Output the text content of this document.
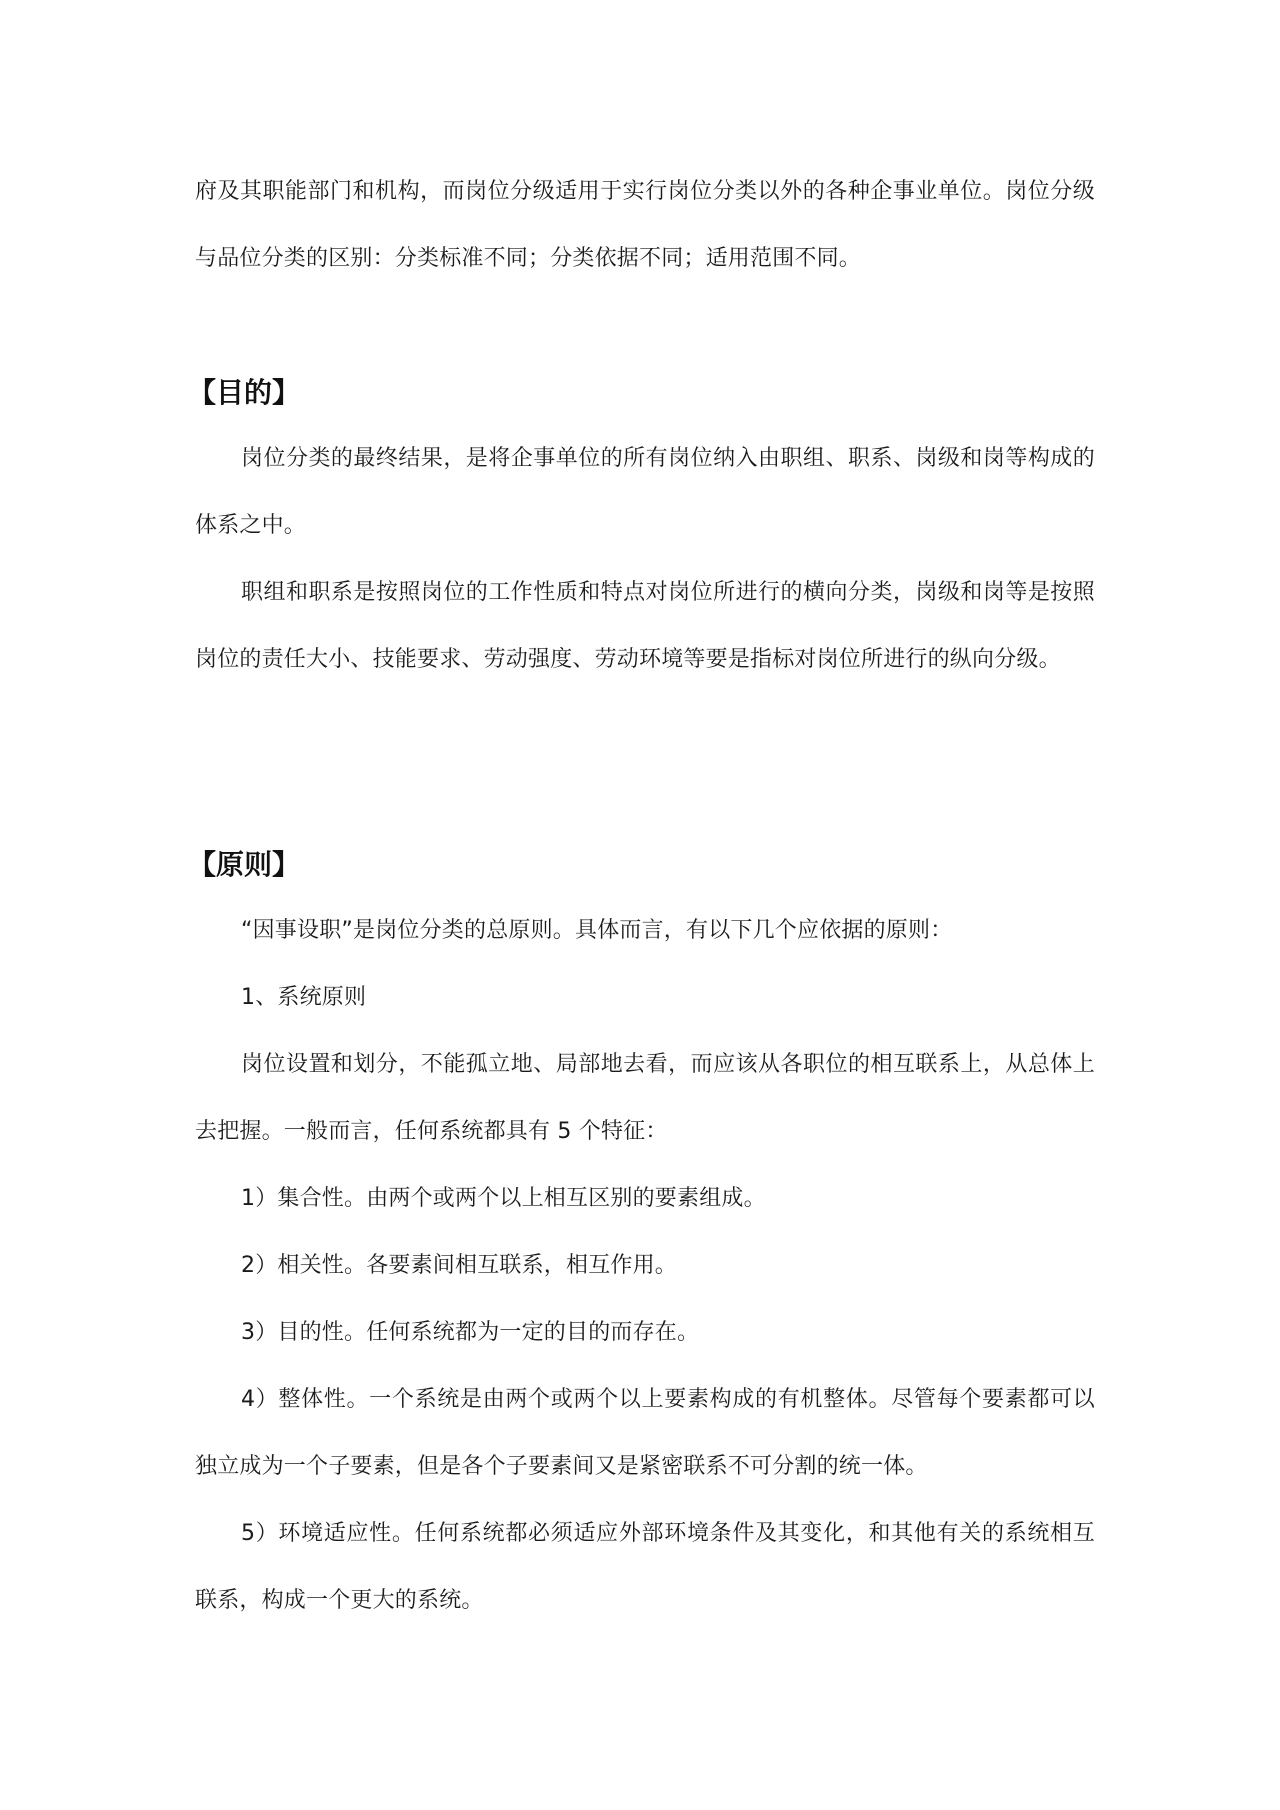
府及其职能部门和机构，而岗位分级适用于实行岗位分类以外的各种企事业单位。岗位分级与品位分类的区别：分类标准不同；分类依据不同；适用范围不同。

【目的】

岗位分类的最终结果，是将企事单位的所有岗位纳入由职组、职系、岗级和岗等构成的体系之中。

职组和职系是按照岗位的工作性质和特点对岗位所进行的横向分类，岗级和岗等是按照岗位的责任大小、技能要求、劳动强度、劳动环境等要是指标对岗位所进行的纵向分级。

【原则】

“因事设职”是岗位分类的总原则。具体而言，有以下几个应依据的原则：

1、系统原则

岗位设置和划分，不能孤立地、局部地去看，而应该从各职位的相互联系上，从总体上去把握。一般而言，任何系统都具有 5 个特征：

1）集合性。由两个或两个以上相互区别的要素组成。

2）相关性。各要素间相互联系，相互作用。

3）目的性。任何系统都为一定的目的而存在。

4）整体性。一个系统是由两个或两个以上要素构成的有机整体。尽管每个要素都可以独立成为一个子要素，但是各个子要素间又是紧密联系不可分割的统一体。

5）环境适应性。任何系统都必须适应外部环境条件及其变化，和其他有关的系统相互联系，构成一个更大的系统。
